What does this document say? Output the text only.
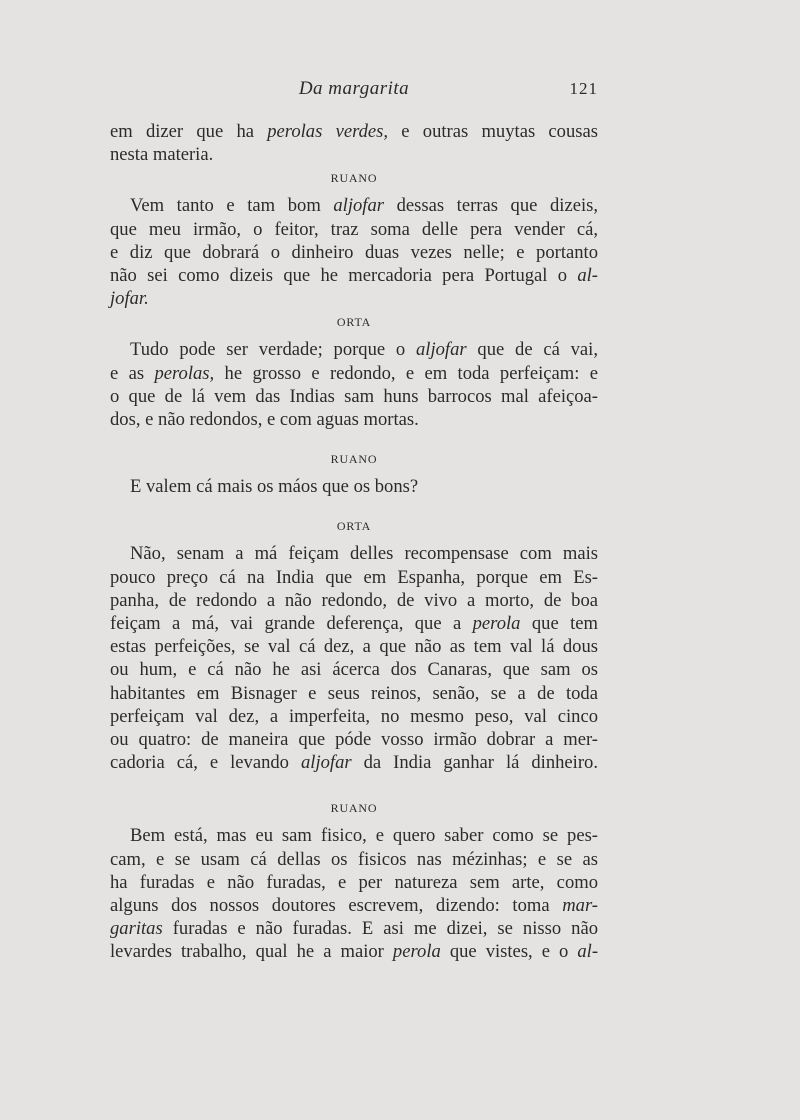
Da margarita	121
em dizer que ha perolas verdes, e outras muytas cousas
nesta materia.
RUANO
Vem tanto e tam bom aljofar dessas terras que dizeis,
que meu irmão, o feitor, traz soma delle pera vender cá,
e diz que dobrará o dinheiro duas vezes nelle; e portanto
não sei como dizeis que he mercadoria pera Portugal o al-
jofar.
ORTA
Tudo pode ser verdade; porque o aljofar que de cá vai,
e as perolas, he grosso e redondo, e em toda perfeiçam: e
o que de lá vem das Indias sam huns barrocos mal afeiçoa-
dos, e não redondos, e com aguas mortas.
RUANO
E valem cá mais os máos que os bons?
ORTA
Não, senam a má feiçam delles recompensase com mais
pouco preço cá na India que em Espanha, porque em Es-
panha, de redondo a não redondo, de vivo a morto, de boa
feiçam a má, vai grande deferença, que a perola que tem
estas perfeições, se val cá dez, a que não as tem val lá dous
ou hum, e cá não he asi ácerca dos Canaras, que sam os
habitantes em Bisnager e seus reinos, senão, se a de toda
perfeiçam val dez, a imperfeita, no mesmo peso, val cinco
ou quatro: de maneira que póde vosso irmão dobrar a mer-
cadoria cá, e levando aljofar da India ganhar lá dinheiro.
RUANO
Bem está, mas eu sam fisico, e quero saber como se pes-
cam, e se usam cá dellas os fisicos nas mézinhas; e se as
ha furadas e não furadas, e per natureza sem arte, como
alguns dos nossos doutores escrevem, dizendo: toma mar-
garitas furadas e não furadas. E asi me dizei, se nisso não
levardes trabalho, qual he a maior perola que vistes, e o al-
